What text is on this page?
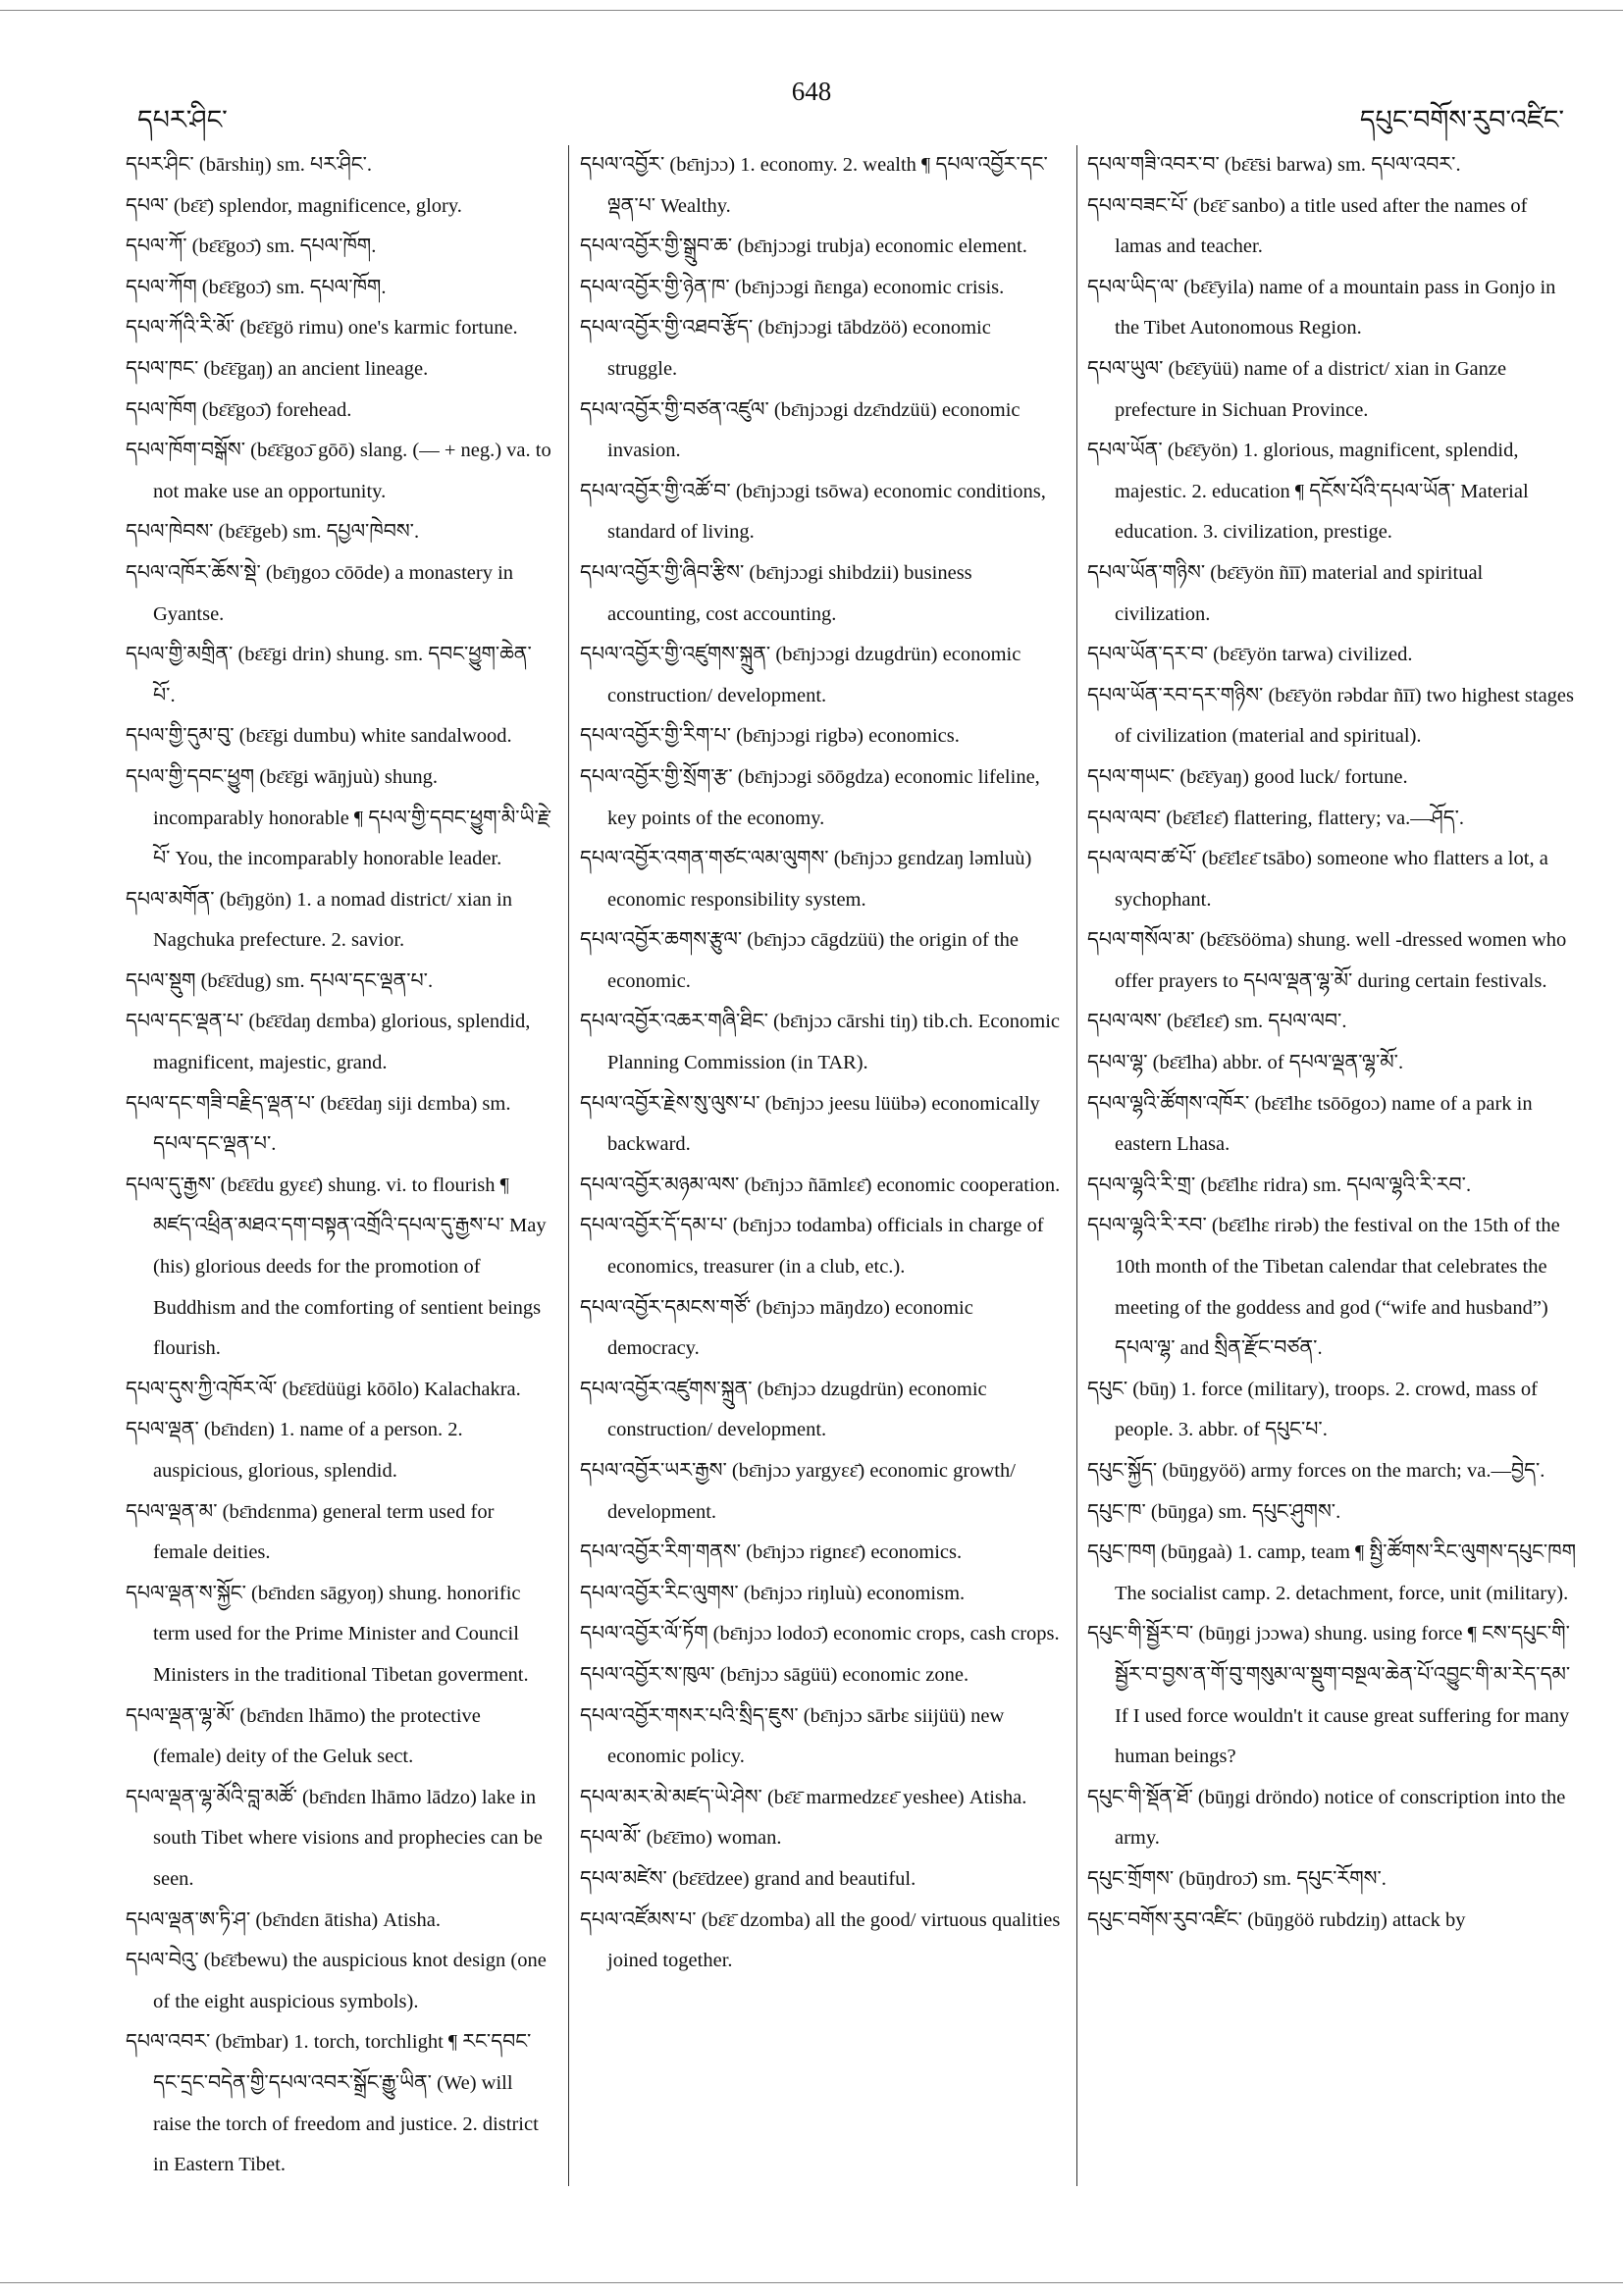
དཔར་ཤིང་
648
དཔུང་བགོས་རུབ་འཛིང་

དཔར་ཤིང་ (bārshiŋ) sm. པར་ཤིང་.

དཔལ་ (bɛ̄ɛ̄) splendor, magnificence, glory.

དཔལ་ཀོ་ (bɛ̄ɛ̄goɔ̄) sm. དཔལ་ཁོག.

དཔལ་ཀོག (bɛ̄ɛ̄goɔ̄) sm. དཔལ་ཁོག.

དཔལ་ཀོའི་རི་མོ་ (bɛ̄ɛ̄gö rimu) one's karmic fortune.

དཔལ་ཁང་ (bɛ̄ɛ̄gaŋ) an ancient lineage.

དཔལ་ཁོག (bɛ̄ɛ̄goɔ̄) forehead.

དཔལ་ཁོག་བསྒོས་ (bɛ̄ɛ̄goɔ̄ gōō) slang. (— + neg.) va. to not make use an opportunity.

དཔལ་ཁེབས་ (bɛ̄ɛ̄geb) sm. དཔྱལ་ཁེབས་.

དཔལ་འཁོར་ཆོས་སྡེ་ (bɛ̄ŋgoɔ cōōde) a monastery in Gyantse.

དཔལ་གྱི་མགྲིན་ (bɛ̄ɛ̄gi drin) shung. sm. དབང་ཕྱུག་ཆེན་པོ་.

དཔལ་གྱི་དུམ་བུ་ (bɛ̄ɛ̄gi dumbu) white sandalwood.

དཔལ་གྱི་དབང་ཕྱུག (bɛ̄ɛ̄gi wāŋjuù) shung. incomparably honorable ¶ དཔལ་གྱི་དབང་ཕྱུག་མི་ཡི་རྗེ་པོ་ You, the incomparably honorable leader.

དཔལ་མགོན་ (bɛ̄ŋgön) 1. a nomad district/ xian in Nagchuka prefecture. 2. savior.

དཔལ་སྡུག (bɛ̄ɛ̄dug) sm. དཔལ་དང་ལྡན་པ་.

དཔལ་དང་ལྡན་པ་ (bɛ̄ɛ̄daŋ dɛmba) glorious, splendid, magnificent, majestic, grand.

དཔལ་དང་གཟི་བརྗིད་ལྡན་པ་ (bɛ̄ɛ̄daŋ siji dɛmba) sm. དཔལ་དང་ལྡན་པ་.

དཔལ་དུ་རྒྱས་ (bɛ̄ɛ̄du gyɛɛ̄) shung. vi. to flourish ¶ མཛད་འཕྲིན་མཐའ་དག་བསྟན་འགྲོའི་དཔལ་དུ་རྒྱས་པ་ May (his) glorious deeds for the promotion of Buddhism and the comforting of sentient beings flourish.

དཔལ་དུས་ཀྱི་འཁོར་ལོ་ (bɛ̄ɛ̄düügi kōōlo) Kalachakra.

དཔལ་ལྡན་ (bɛ̄ndɛn) 1. name of a person. 2. auspicious, glorious, splendid.

དཔལ་ལྡན་མ་ (bɛ̄ndɛnma) general term used for female deities.

དཔལ་ལྡན་ས་སྐྱོང་ (bɛ̄ndɛn sāgyoŋ) shung. honorific term used for the Prime Minister and Council Ministers in the traditional Tibetan goverment.

དཔལ་ལྡན་ལྷ་མོ་ (bɛ̄ndɛn lhāmo) the protective (female) deity of the Geluk sect.

དཔལ་ལྡན་ལྷ་མོའི་བླ་མཚོ་ (bɛ̄ndɛn lhāmo lādzo) lake in south Tibet where visions and prophecies can be seen.

དཔལ་ལྡན་ཨ་ཏི་ཤ་ (bɛ̄ndɛn ātisha) Atisha.

དཔལ་བེའུ་ (bɛ̄ɛ̄bewu) the auspicious knot design (one of the eight auspicious symbols).

དཔལ་འབར་ (bɛ̄mbar) 1. torch, torchlight ¶ རང་དབང་དང་དྲང་བདེན་གྱི་དཔལ་འབར་སྒྲོང་རྒྱུ་ཡིན་ (We) will raise the torch of freedom and justice. 2. district in Eastern Tibet.

དཔལ་འབྱོར་ (bɛ̄njɔɔ) 1. economy. 2. wealth ¶ དཔལ་འབྱོར་དང་ལྡན་པ་ Wealthy.

དཔལ་འབྱོར་གྱི་སྒྲུབ་ཆ་ (bɛ̄njɔɔgi trubja) economic element.

དཔལ་འབྱོར་གྱི་ཉེན་ཁ་ (bɛ̄njɔɔgi ñɛnga) economic crisis.

དཔལ་འབྱོར་གྱི་འཐབ་རྩོད་ (bɛ̄njɔɔgi tābdzöö) economic struggle.

དཔལ་འབྱོར་གྱི་བཙན་འཛུལ་ (bɛ̄njɔɔgi dzɛ̄ndzüü) economic invasion.

དཔལ་འབྱོར་གྱི་འཚོ་བ་ (bɛ̄njɔɔgi tsōwa) economic conditions, standard of living.

དཔལ་འབྱོར་གྱི་ཞིབ་རྩིས་ (bɛ̄njɔɔgi shibdzii) business accounting, cost accounting.

དཔལ་འབྱོར་གྱི་འཛུགས་སྐྲུན་ (bɛ̄njɔɔgi dzugdrün) economic construction/ development.

དཔལ་འབྱོར་གྱི་རིག་པ་ (bɛ̄njɔɔgi rigbə) economics.

དཔལ་འབྱོར་གྱི་སྲོག་རྩ་ (bɛ̄njɔɔgi sōōgdza) economic lifeline, key points of the economy.

དཔལ་འབྱོར་འགན་གཙང་ལམ་ལུགས་ (bɛ̄njɔɔ gɛndzaŋ ləmluù) economic responsibility system.

དཔལ་འབྱོར་ཆགས་རྩུལ་ (bɛ̄njɔɔ cāgdzüü) the origin of the economic.

དཔལ་འབྱོར་འཆར་གཞི་ཐིང་ (bɛ̄njɔɔ cārshi tiŋ) tib.ch. Economic Planning Commission (in TAR).

དཔལ་འབྱོར་རྗེས་སུ་ལུས་པ་ (bɛ̄njɔɔ jeesu lüübə) economically backward.

དཔལ་འབྱོར་མཉམ་ལས་ (bɛ̄njɔɔ ñāmlɛɛ̄) economic cooperation.

དཔལ་འབྱོར་དོ་དམ་པ་ (bɛ̄njɔɔ todamba) officials in charge of economics, treasurer (in a club, etc.).

དཔལ་འབྱོར་དམངས་གཙོ་ (bɛ̄njɔɔ māŋdzo) economic democracy.

དཔལ་འབྱོར་འཛུགས་སྐྲུན་ (bɛ̄njɔɔ dzugdrün) economic construction/ development.

དཔལ་འབྱོར་ཡར་རྒྱས་ (bɛ̄njɔɔ yargyɛɛ̄) economic growth/ development.

དཔལ་འབྱོར་རིག་གནས་ (bɛ̄njɔɔ rignɛɛ̄) economics.

དཔལ་འབྱོར་རིང་ལུགས་ (bɛ̄njɔɔ riŋluù) economism.

དཔལ་འབྱོར་ལོ་ཏོག (bɛ̄njɔɔ lodoɔ̄) economic crops, cash crops.

དཔལ་འབྱོར་ས་ཁུལ་ (bɛ̄njɔɔ sāgüü) economic zone.

དཔལ་འབྱོར་གསར་པའི་སྲིད་ཇུས་ (bɛ̄njɔɔ sārbɛ siijüü) new economic policy.

དཔལ་མར་མེ་མཛད་ཡེ་ཤེས་ (bɛ̄ɛ̄ marmedzɛɛ̄ yeshee) Atisha.

དཔལ་མོ་ (bɛ̄ɛ̄mo) woman.

དཔལ་མཛེས་ (bɛ̄ɛ̄dzee) grand and beautiful.

དཔལ་འཛོམས་པ་ (bɛ̄ɛ̄ dzomba) all the good/ virtuous qualities joined together.

དཔལ་གཟི་འབར་བ་ (bɛ̄ɛ̄si barwa) sm. དཔལ་འབར་.

དཔལ་བཟང་པོ་ (bɛ̄ɛ̄ sanbo) a title used after the names of lamas and teacher.

དཔལ་ཡིད་ལ་ (bɛ̄ɛ̄yila) name of a mountain pass in Gonjo in the Tibet Autonomous Region.

དཔལ་ཡུལ་ (bɛ̄ɛ̄yüü) name of a district/ xian in Ganze prefecture in Sichuan Province.

དཔལ་ཡོན་ (bɛ̄ɛ̄yön) 1. glorious, magnificent, splendid, majestic. 2. education ¶ དངོས་པོའི་དཔལ་ཡོན་ Material education. 3. civilization, prestige.

དཔལ་ཡོན་གཉིས་ (bɛ̄ɛ̄yön ñīī) material and spiritual civilization.

དཔལ་ཡོན་དར་བ་ (bɛ̄ɛ̄yön tarwa) civilized.

དཔལ་ཡོན་རབ་དར་གཉིས་ (bɛ̄ɛ̄yön rəbdar ñīī) two highest stages of civilization (material and spiritual).

དཔལ་གཡང་ (bɛ̄ɛ̄yaŋ) good luck/ fortune.

དཔལ་ལབ་ (bɛ̄ɛ̄lɛɛ̄) flattering, flattery; va.—ཤོད་.

དཔལ་ལབ་ཚ་པོ་ (bɛ̄ɛ̄lɛɛ̄ tsābo) someone who flatters a lot, a sychophant.

དཔལ་གསོལ་མ་ (bɛ̄ɛ̄sööma) shung. well -dressed women who offer prayers to དཔལ་ལྡན་ལྷ་མོ་ during certain festivals.

དཔལ་ལས་ (bɛ̄ɛ̄lɛɛ̄) sm. དཔལ་ལབ་.

དཔལ་ལྷ་ (bɛ̄ɛ̄lha) abbr. of དཔལ་ལྡན་ལྷ་མོ་.

དཔལ་ལྷའི་ཚོགས་འཁོར་ (bɛ̄ɛ̄lhɛ tsōōgoɔ) name of a park in eastern Lhasa.

དཔལ་ལྷའི་རི་གྲ་ (bɛ̄ɛ̄lhɛ ridra) sm. དཔལ་ལྷའི་རི་རབ་.

དཔལ་ལྷའི་རི་རབ་ (bɛ̄ɛ̄lhɛ rirəb) the festival on the 15th of the 10th month of the Tibetan calendar that celebrates the meeting of the goddess and god (“wife and husband”) དཔལ་ལྷ་ and སྲིན་རྫོང་བཙན་.

དཔུང་ (būŋ) 1. force (military), troops. 2. crowd, mass of people. 3. abbr. of དཔུང་པ་.

དཔུང་སྐྱོད་ (būŋgyöö) army forces on the march; va.—བྱེད་.

དཔུང་ཁ་ (būŋga) sm. དཔུང་ཤུགས་.

དཔུང་ཁག (būŋgaà) 1. camp, team ¶ སྤྱི་ཚོགས་རིང་ལུགས་དཔུང་ཁག The socialist camp. 2. detachment, force, unit (military).

དཔུང་གི་སྦྱོར་བ་ (būŋgi jɔɔwa) shung. using force ¶ ངས་དཔུང་གི་སྦྱོར་བ་བྱས་ན་གོ་བུ་གསུམ་ལ་སྡུག་བསྔལ་ཆེན་པོ་འབྱུང་གི་མ་རེད་དམ་ If I used force wouldn't it cause great suffering for many human beings?

དཔུང་གི་སྡོན་ཐོ་ (būŋgi dröndo) notice of conscription into the army.

དཔུང་གྲོགས་ (būŋdroɔ̄) sm. དཔུང་རོགས་.

དཔུང་བགོས་རུབ་འཛིང་ (būŋgöö rubdziŋ) attack by
